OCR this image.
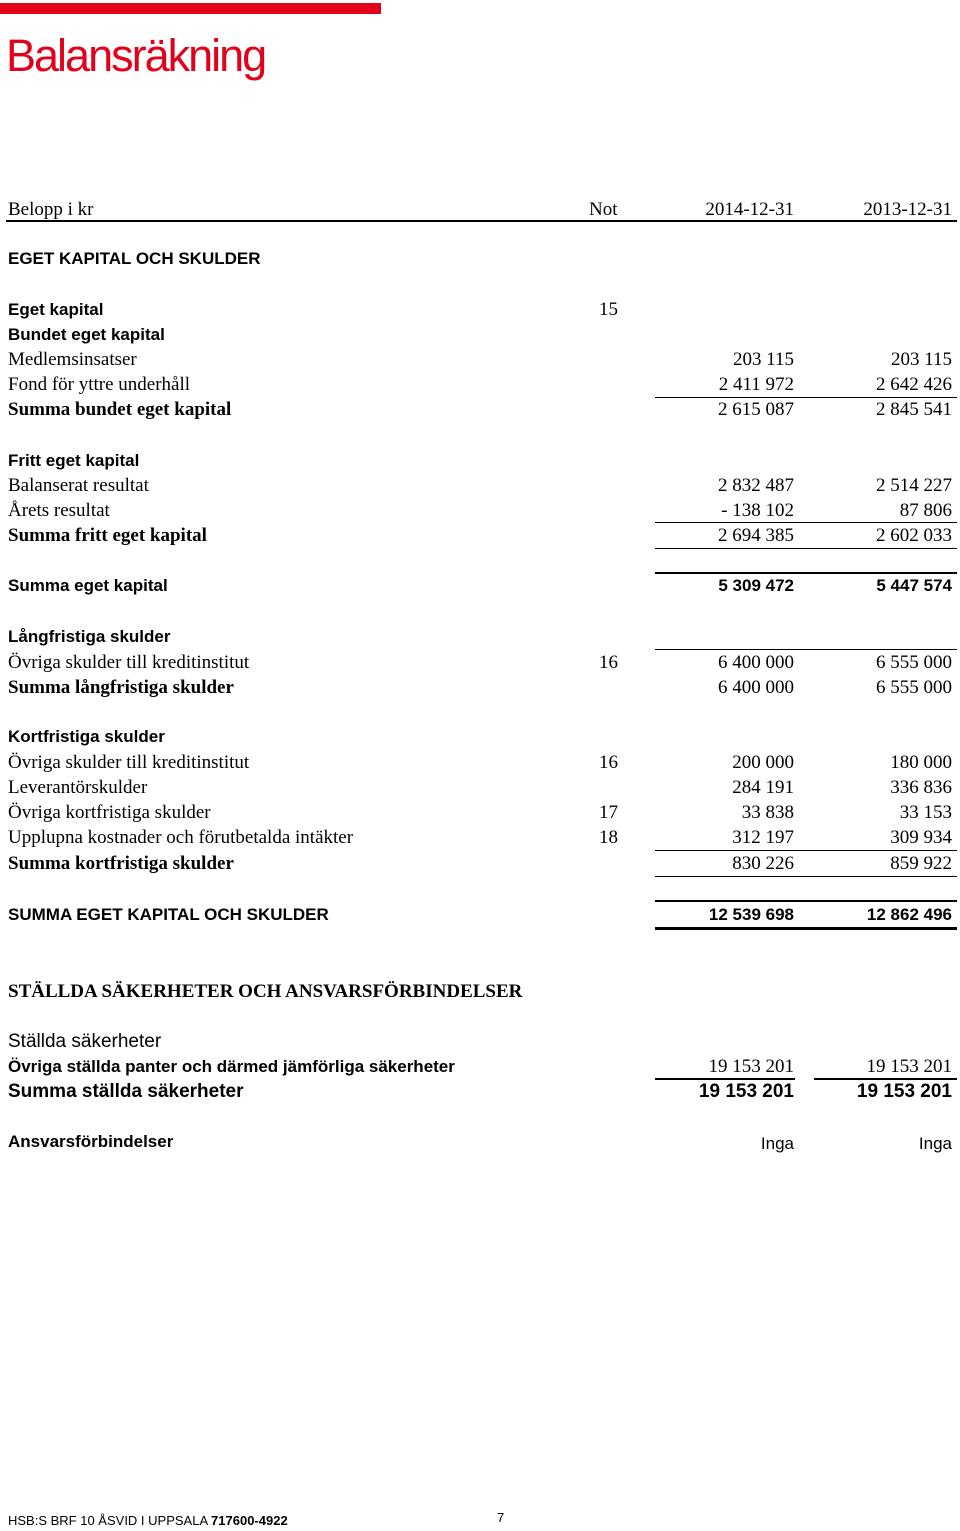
Balansräkning
Belopp i kr	Not	2014-12-31	2013-12-31
EGET KAPITAL OCH SKULDER
Eget kapital	15
Bundet eget kapital
Medlemsinsatser	203 115	203 115
Fond för yttre underhåll	2 411 972	2 642 426
Summa bundet eget kapital	2 615 087	2 845 541
Fritt eget kapital
Balanserat resultat	2 832 487	2 514 227
Årets resultat	- 138 102	87 806
Summa fritt eget kapital	2 694 385	2 602 033
Summa eget kapital	5 309 472	5 447 574
Långfristiga skulder
Övriga skulder till kreditinstitut	16	6 400 000	6 555 000
Summa långfristiga skulder	6 400 000	6 555 000
Kortfristiga skulder
Övriga skulder till kreditinstitut	16	200 000	180 000
Leverantörskulder	284 191	336 836
Övriga kortfristiga skulder	17	33 838	33 153
Upplupna kostnader och förutbetalda intäkter	18	312 197	309 934
Summa kortfristiga skulder	830 226	859 922
SUMMA EGET KAPITAL OCH SKULDER	12 539 698	12 862 496
STÄLLDA SÄKERHETER OCH ANSVARSFÖRBINDELSER
Ställda säkerheter
Övriga ställda panter och därmed jämförliga säkerheter	19 153 201	19 153 201
Summa ställda säkerheter	19 153 201	19 153 201
Ansvarsförbindelser	Inga	Inga
HSB:S BRF 10 ÅSVID I UPPSALA 717600-4922	7
